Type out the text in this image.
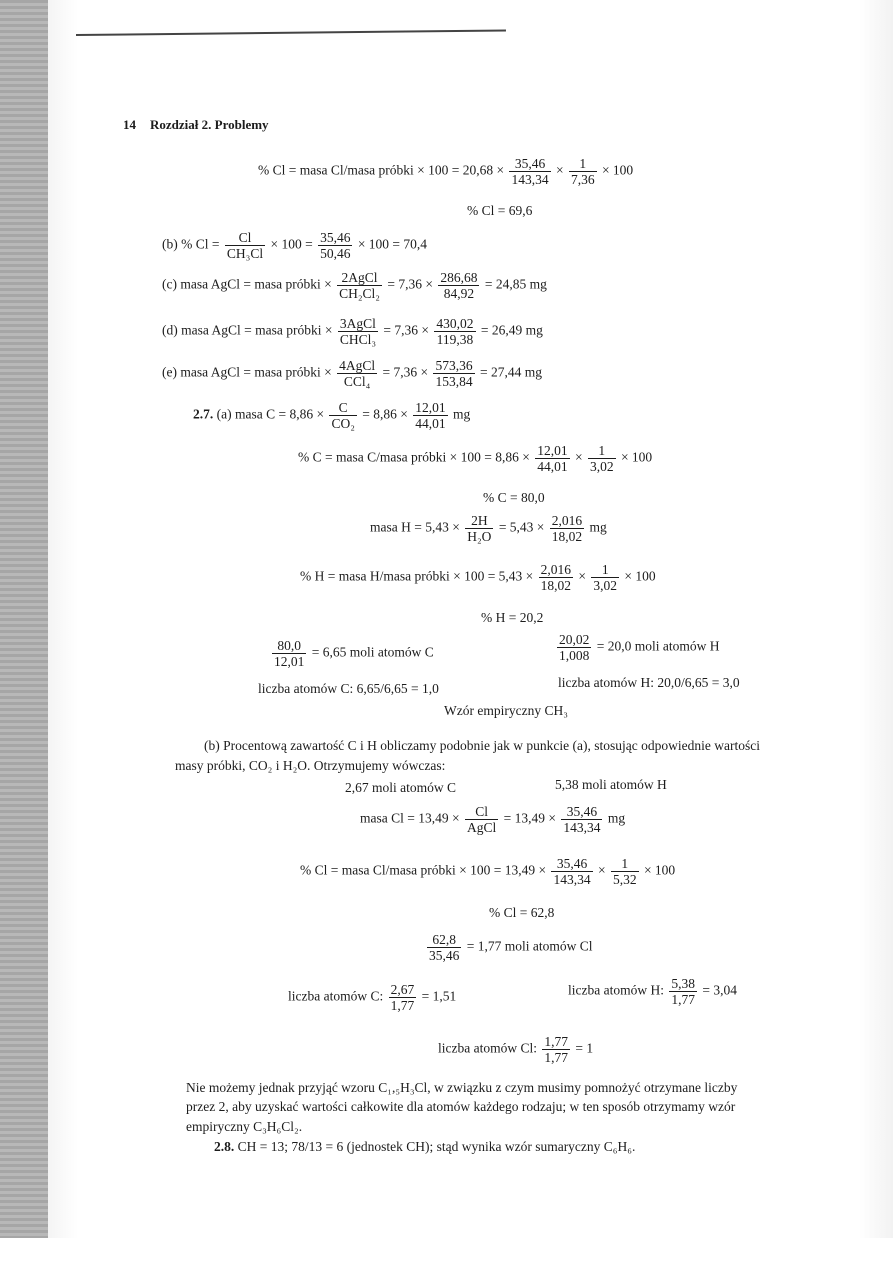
14 Rozdział 2. Problemy
% Cl = masa Cl/masa próbki × $100 = 20,68 \times \frac{35,46}{143,34} \times \frac{1}{7,36} \times 100$
% Cl = 69,6
(b) % $Cl = \frac{Cl}{\text{CH₃Cl}} \times 100 = \frac{35,46}{50,46} \times 100 = 70,4$
(c) masa AgCl = masa próbki × $\frac{\text{2AgCl}}{\text{CH₂Cl₂}} = 7,36 \times \frac{286,68}{84,92} = 24,85$ mg
(d) masa AgCl = masa próbki × $\frac{\text{3AgCl}}{\text{CHCl₃}} = 7,36 \times \frac{430,02}{119,38} = 26,49$ mg
(e) masa AgCl = masa próbki × $\frac{\text{4AgCl}}{\text{CCl₄}} = 7,36 \times \frac{573,36}{153,84} = 27,44$ mg
2.7. (a) masa $C = 8,86 \times \frac{C}{\text{CO₂}} = 8,86 \times \frac{12,01}{44,01}$ mg
% C = masa C/masa próbki × $100 = 8,86 \times \frac{12,01}{44,01} \times \frac{1}{3,02} \times 100$
% C = 80,0
masa $H = 5,43 \times \frac{2H}{\text{H₂O}} = 5,43 \times \frac{2,016}{18,02}$ mg
% H = masa H/masa próbki × $100 = 5,43 \times \frac{2,016}{18,02} \times \frac{1}{3,02} \times 100$
% H = 20,2
$\frac{80,0}{12,01} = 6,65$ moli atomów C	$\frac{20,02}{1,008} = 20,0$ moli atomów H
liczba atomów C: 6,65/6,65 = 1,0	liczba atomów H: 20,0/6,65 = 3,0
Wzór empiryczny CH₃
(b) Procentową zawartość C i H obliczamy podobnie jak w punkcie (a), stosując odpowiednie wartości
masy próbki, CO₂ i H₂O. Otrzymujemy wówczas:
2,67 moli atomów C	5,38 moli atomów H
masa $Cl = 13,49 \times \frac{Cl}{\text{AgCl}} = 13,49 \times \frac{35,46}{143,34}$ mg
% Cl = masa Cl/masa próbki × $100 = 13,49 \times \frac{35,46}{143,34} \times \frac{1}{5,32} \times 100$
% Cl = 62,8
$\frac{62,8}{35,46} = 1,77$ moli atomów Cl
liczba atomów C: $\frac{2,67}{1,77} = 1,51$	liczba atomów H: $\frac{5,38}{1,77} = 3,04$
liczba atomów Cl: $\frac{1,77}{1,77} = 1$
Nie możemy jednak przyjąć wzoru C₁,₅H₃Cl, w związku z czym musimy pomnożyć otrzymane liczby
przez 2, aby uzyskać wartości całkowite dla atomów każdego rodzaju; w ten sposób otrzymamy wzór
empiryczny C₃H₆Cl₂.
2.8. CH = 13; 78/13 = 6 (jednostek CH); stąd wynika wzór sumaryczny C₆H₆.
